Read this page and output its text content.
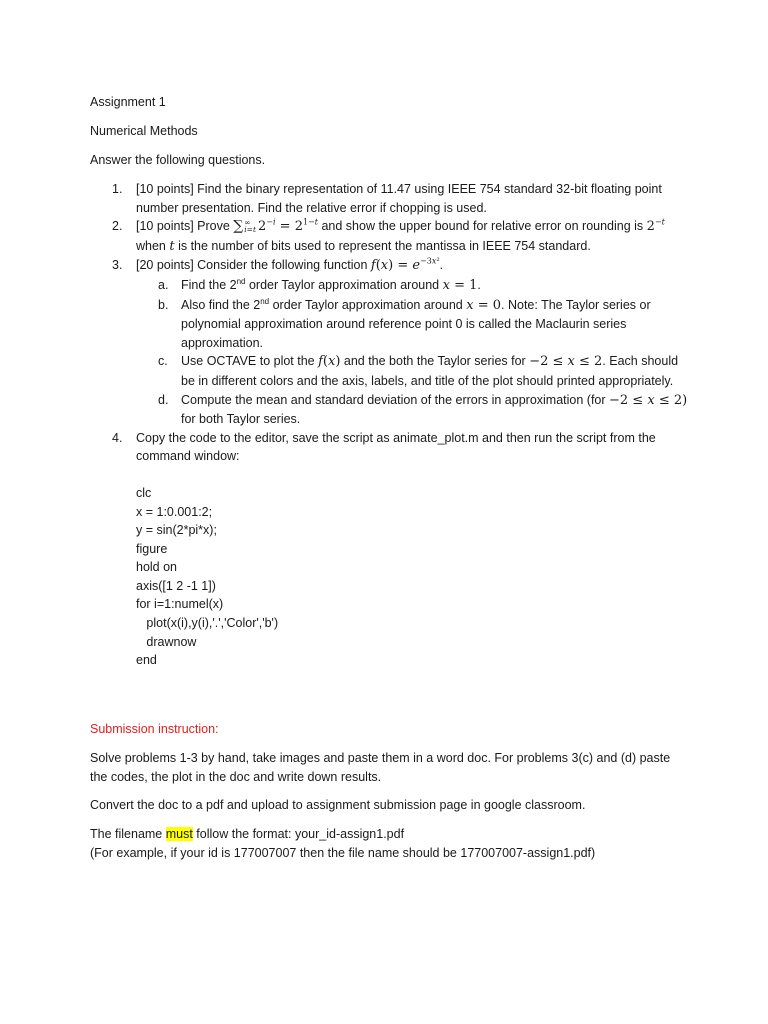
Assignment 1
Numerical Methods
Answer the following questions.
1. [10 points] Find the binary representation of 11.47 using IEEE 754 standard 32-bit floating point number presentation. Find the relative error if chopping is used.
2. [10 points] Prove ∑ ∞
i=t $2^{-i} = 2^{1-t}$ and show the upper bound for relative error on rounding is $2^{-t}$ when t is the number of bits used to represent the mantissa in IEEE 754 standard.
3. [20 points] Consider the following function $f(x) = e^{-3x^2}$.
a. Find the 2nd order Taylor approximation around x = 1.
b. Also find the 2nd order Taylor approximation around x = 0. Note: The Taylor series or polynomial approximation around reference point 0 is called the Maclaurin series approximation.
c. Use OCTAVE to plot the f(x) and the both the Taylor series for −2 ≤ x ≤ 2. Each should be in different colors and the axis, labels, and title of the plot should printed appropriately.
d. Compute the mean and standard deviation of the errors in approximation (for −2 ≤ x ≤ 2) for both Taylor series.
4. Copy the code to the editor, save the script as animate_plot.m and then run the script from the command window:
clc
x = 1:0.001:2;
y = sin(2*pi*x);
figure
hold on
axis([1 2 -1 1])
for i=1:numel(x)
plot(x(i),y(i),'.','Color','b')
drawnow
end
Submission instruction:
Solve problems 1-3 by hand, take images and paste them in a word doc. For problems 3(c) and (d) paste the codes, the plot in the doc and write down results.
Convert the doc to a pdf and upload to assignment submission page in google classroom.
The filename must follow the format: your_id-assign1.pdf
(For example, if your id is 177007007 then the file name should be 177007007-assign1.pdf)
